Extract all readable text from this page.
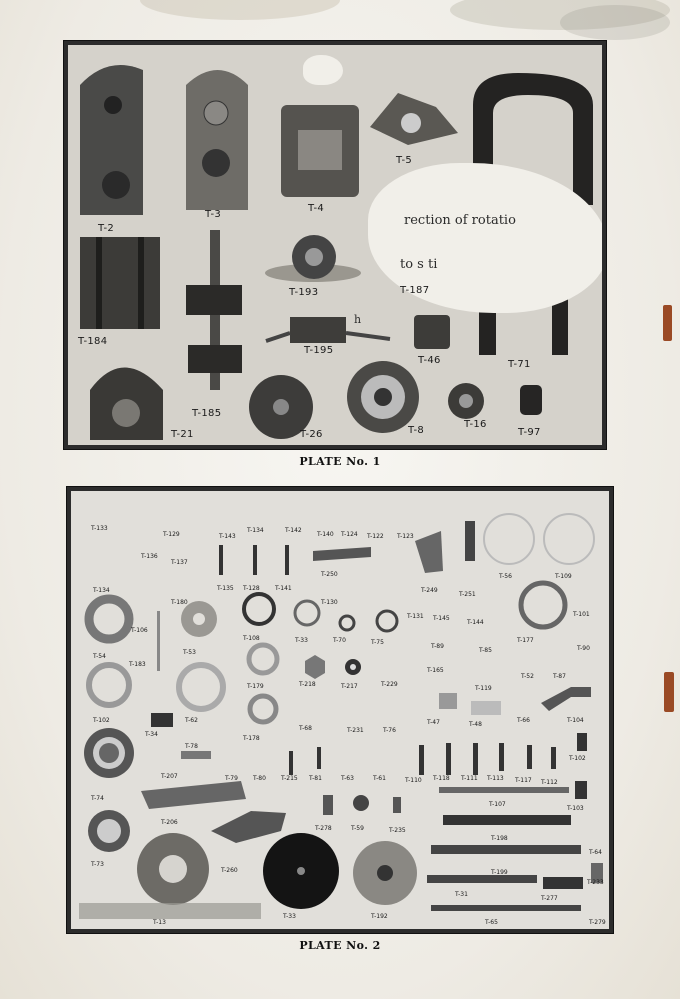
rection of rotatio
to s ti
h
T-2
T-3
T-4
T-5
T-184
T-193	T-187
T-195
T-46	T-71
T-185
T-21	T-26	T-8
T-16
T-97
PLATE No. 1
T-133
T-129	T-143
T-134	T-142
T-140 T-124 T-122 T-123
T-136
T-137
T-134
T-180
T-135 T-128	T-141
T-250
T-130
T-249
T-251
T-56	T-109
T-54
T-106
T-53
T-108	T-33	T-70	T-75
T-131 T-145
T-144
T-89
T-85
T-177
T-101
T-90
T-183
T-179	T-218	T-217	T-229
T-165
T-52	T-87
T-119
T-102
T-34
T-62
T-68	T-231	T-76
T-47	T-48
T-66	T-104
T-178
T-78
T-74
T-207	T-79	T-80	T-215 T-81	T-63	T-61	T-110 T-118 T-111 T-113 T-117 T-112
T-102
T-107
T-103
T-206
T-278	T-59	T-235
T-198
T-73
T-260	T-199
T-64
T-233
T-31
T-277
T-13
T-33	T-192
T-65	T-279
PLATE No. 2
